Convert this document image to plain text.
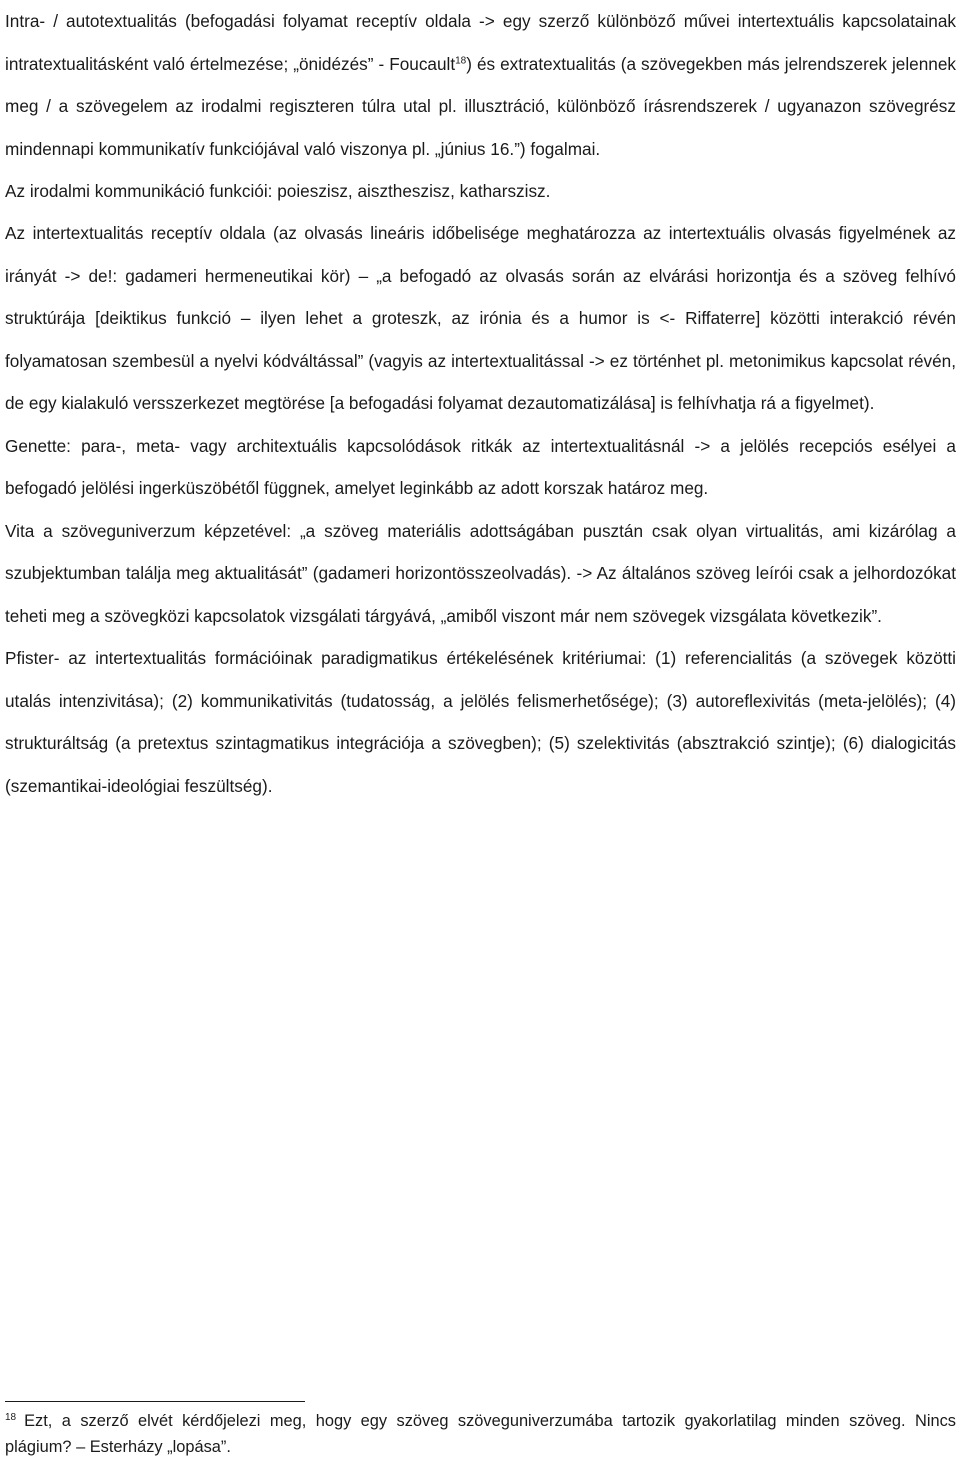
Intra- / autotextualitás (befogadási folyamat receptív oldala -> egy szerző különböző művei intertextuális kapcsolatainak intratextualitásként való értelmezése; „önidézés” - Foucault$^{18}$) és extratextualitás (a szövegekben más jelrendszerek jelennek meg / a szövegelem az irodalmi regiszteren túlra utal pl. illusztráció, különböző írásrendszerek / ugyanazon szövegrész mindennapi kommunikatív funkciójával való viszonya pl. „június 16.”) fogalmai.

Az irodalmi kommunikáció funkciói: poieszisz, aisztheszisz, katharszisz.

Az intertextualitás receptív oldala (az olvasás lineáris időbelisége meghatározza az intertextuális olvasás figyelmének az irányát -> de!: gadameri hermeneutikai kör) – „a befogadó az olvasás során az elvárási horizontja és a szöveg felhívó struktúrája [deiktikus funkció – ilyen lehet a groteszk, az irónia és a humor is <- Riffaterre] közötti interakció révén folyamatosan szembesül a nyelvi kódváltással” (vagyis az intertextualitással -> ez történhet pl. metonimikus kapcsolat révén, de egy kialakuló versszerkezet megtörése [a befogadási folyamat dezautomatizálása] is felhívhatja rá a figyelmet).

Genette: para-, meta- vagy architextuális kapcsolódások ritkák az intertextualitásnál -> a jelölés recepciós esélyei a befogadó jelölési ingerküszöbétől függnek, amelyet leginkább az adott korszak határoz meg.

Vita a szöveguniverzum képzetével: „a szöveg materiális adottságában pusztán csak olyan virtualitás, ami kizárólag a szubjektumban találja meg aktualitását” (gadameri horizontösszeolvadás). -> Az általános szöveg leírói csak a jelhordozókat teheti meg a szövegközi kapcsolatok vizsgálati tárgyává, „amiből viszont már nem szövegek vizsgálata következik”.

Pfister- az intertextualitás formációinak paradigmatikus értékelésének kritériumai: (1) referencialitás (a szövegek közötti utalás intenzivitása); (2) kommunikativitás (tudatosság, a jelölés felismerhetősége); (3) autoreflexivitás (meta-jelölés); (4) strukturáltság (a pretextus szintagmatikus integrációja a szövegben); (5) szelektivitás (absztrakció szintje); (6) dialogicitás (szemantikai-ideológiai feszültség).

$^{18}$ Ezt, a szerző elvét kérdőjelezi meg, hogy egy szöveg szöveguniverzumába tartozik gyakorlatilag minden szöveg. Nincs plágium? – Esterházy „lopása”.
